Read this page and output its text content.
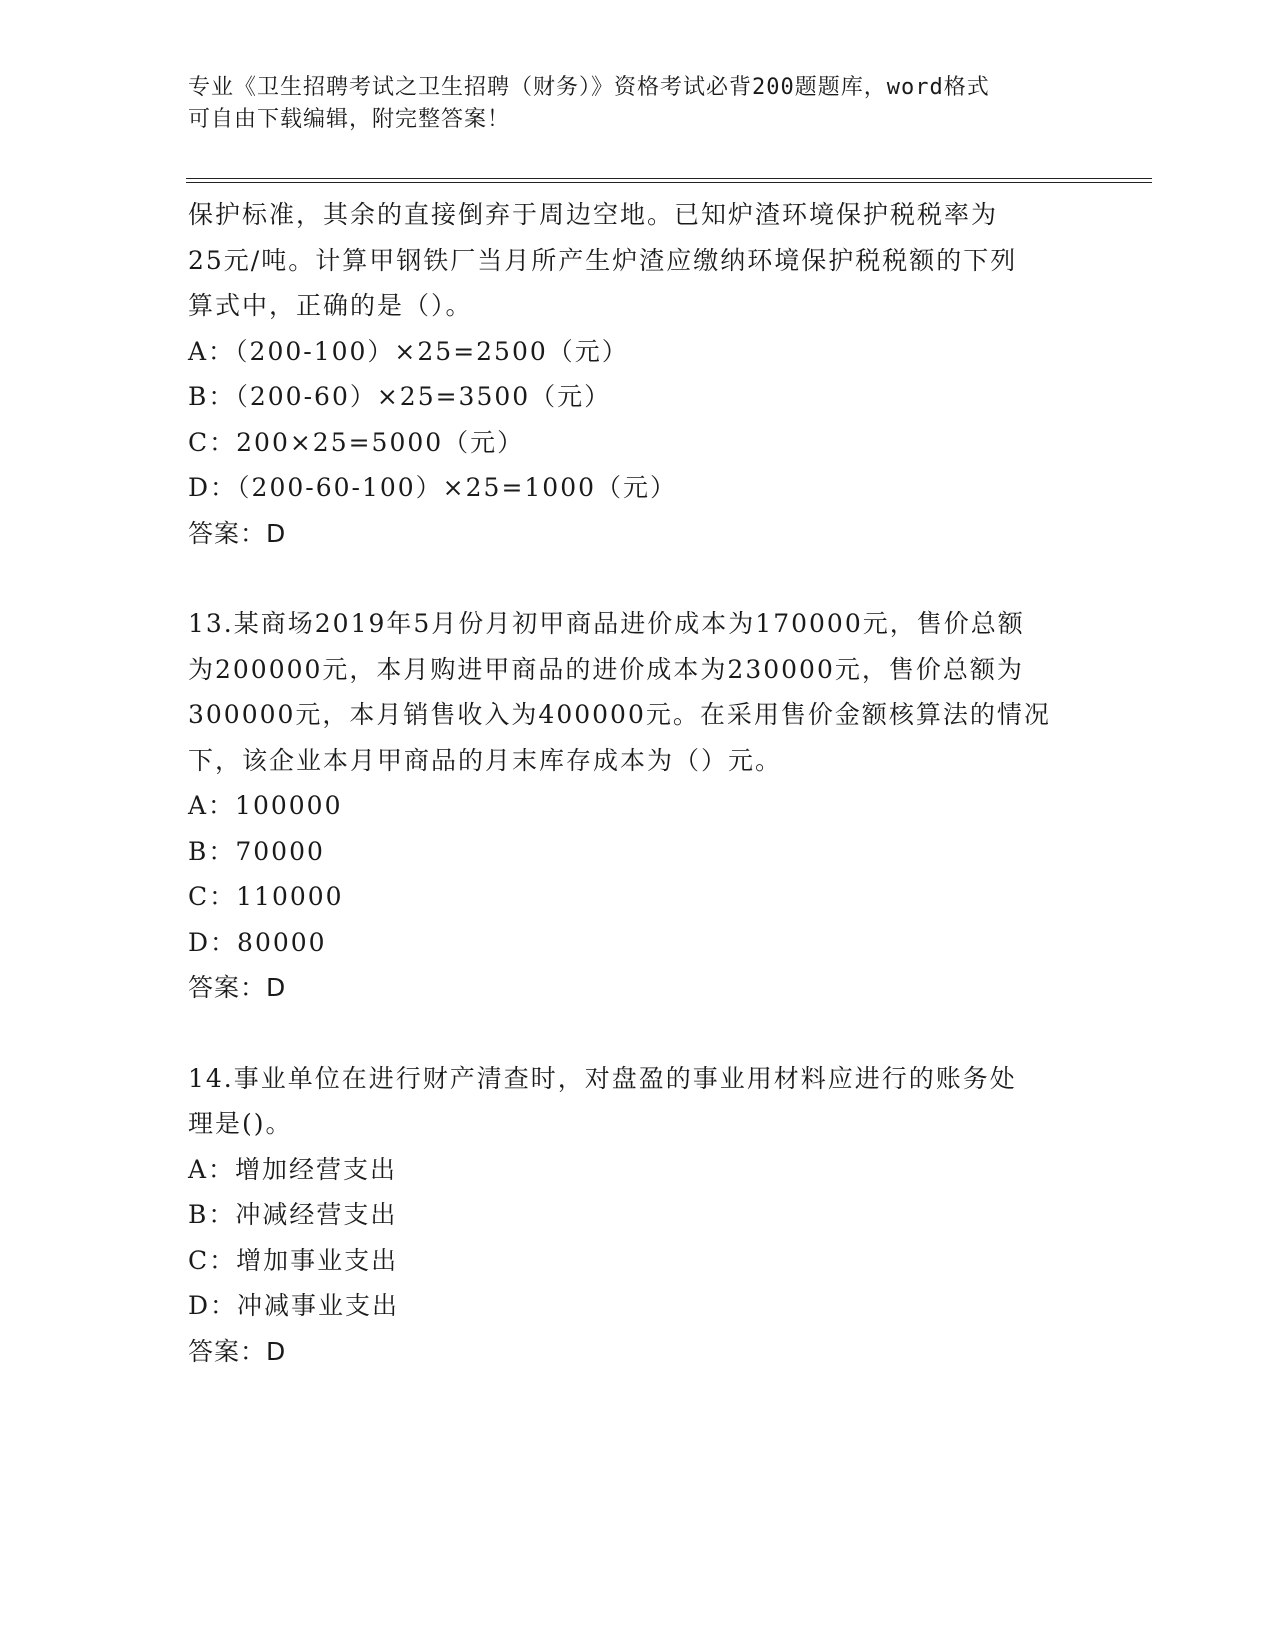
专业《卫生招聘考试之卫生招聘（财务）》资格考试必背200题题库，word格式
可自由下载编辑，附完整答案！

保护标准，其余的直接倒弃于周边空地。已知炉渣环境保护税税率为

25元/吨。计算甲钢铁厂当月所产生炉渣应缴纳环境保护税税额的下列

算式中，正确的是（）。

A：（200-100）×25=2500（元）

B：（200-60）×25=3500（元）

C：200×25=5000（元）

D：（200-60-100）×25=1000（元）

答案：D

13.某商场2019年5月份月初甲商品进价成本为170000元，售价总额

为200000元，本月购进甲商品的进价成本为230000元，售价总额为

300000元，本月销售收入为400000元。在采用售价金额核算法的情况

下，该企业本月甲商品的月末库存成本为（）元。

A：100000

B：70000

C：110000

D：80000

答案：D

14.事业单位在进行财产清查时，对盘盈的事业用材料应进行的账务处

理是()。

A：增加经营支出

B：冲减经营支出

C：增加事业支出

D：冲减事业支出

答案：D
